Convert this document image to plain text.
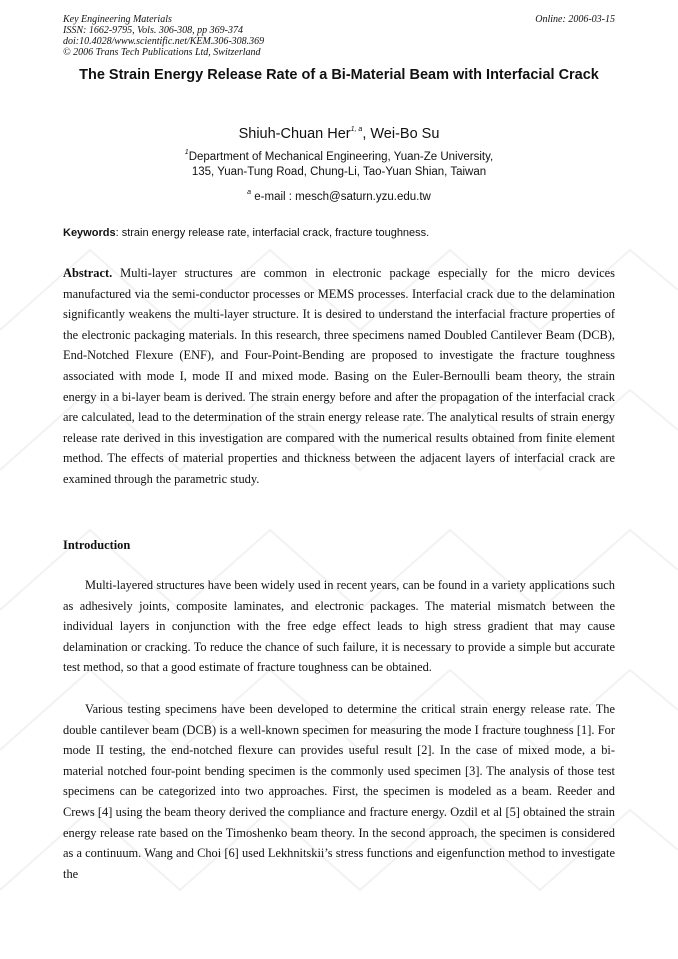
Key Engineering Materials
ISSN: 1662-9795, Vols. 306-308, pp 369-374
doi:10.4028/www.scientific.net/KEM.306-308.369
© 2006 Trans Tech Publications Ltd, Switzerland
Online: 2006-03-15
The Strain Energy Release Rate of a Bi-Material Beam with Interfacial Crack
Shiuh-Chuan Her$^{1, a}$, Wei-Bo Su
$^1$Department of Mechanical Engineering, Yuan-Ze University,
135, Yuan-Tung Road, Chung-Li, Tao-Yuan Shian, Taiwan
$^a$ e-mail : mesch@saturn.yzu.edu.tw
Keywords: strain energy release rate, interfacial crack, fracture toughness.

Abstract. Multi-layer structures are common in electronic package especially for the micro devices manufactured via the semi-conductor processes or MEMS processes. Interfacial crack due to the delamination significantly weakens the multi-layer structure. It is desired to understand the interfacial fracture properties of the electronic packaging materials. In this research, three specimens named Doubled Cantilever Beam (DCB), End-Notched Flexure (ENF), and Four-Point-Bending are proposed to investigate the fracture toughness associated with mode I, mode II and mixed mode. Basing on the Euler-Bernoulli beam theory, the strain energy in a bi-layer beam is derived. The strain energy before and after the propagation of the interfacial crack are calculated, lead to the determination of the strain energy release rate. The analytical results of strain energy release rate derived in this investigation are compared with the numerical results obtained from finite element method. The effects of material properties and thickness between the adjacent layers of interfacial crack are examined through the parametric study.

Introduction

Multi-layered structures have been widely used in recent years, can be found in a variety applications such as adhesively joints, composite laminates, and electronic packages. The material mismatch between the individual layers in conjunction with the free edge effect leads to high stress gradient that may cause delamination or cracking. To reduce the chance of such failure, it is necessary to provide a simple but accurate test method, so that a good estimate of fracture toughness can be obtained.

Various testing specimens have been developed to determine the critical strain energy release rate. The double cantilever beam (DCB) is a well-known specimen for measuring the mode I fracture toughness [1]. For mode II testing, the end-notched flexure can provides useful result [2]. In the case of mixed mode, a bi-material notched four-point bending specimen is the commonly used specimen [3]. The analysis of those test specimens can be categorized into two approaches. First, the specimen is modeled as a beam. Reeder and Crews [4] using the beam theory derived the compliance and fracture energy. Ozdil et al [5] obtained the strain energy release rate based on the Timoshenko beam theory. In the second approach, the specimen is considered as a continuum. Wang and Choi [6] used Lekhnitskii’s stress functions and eigenfunction method to investigate the
